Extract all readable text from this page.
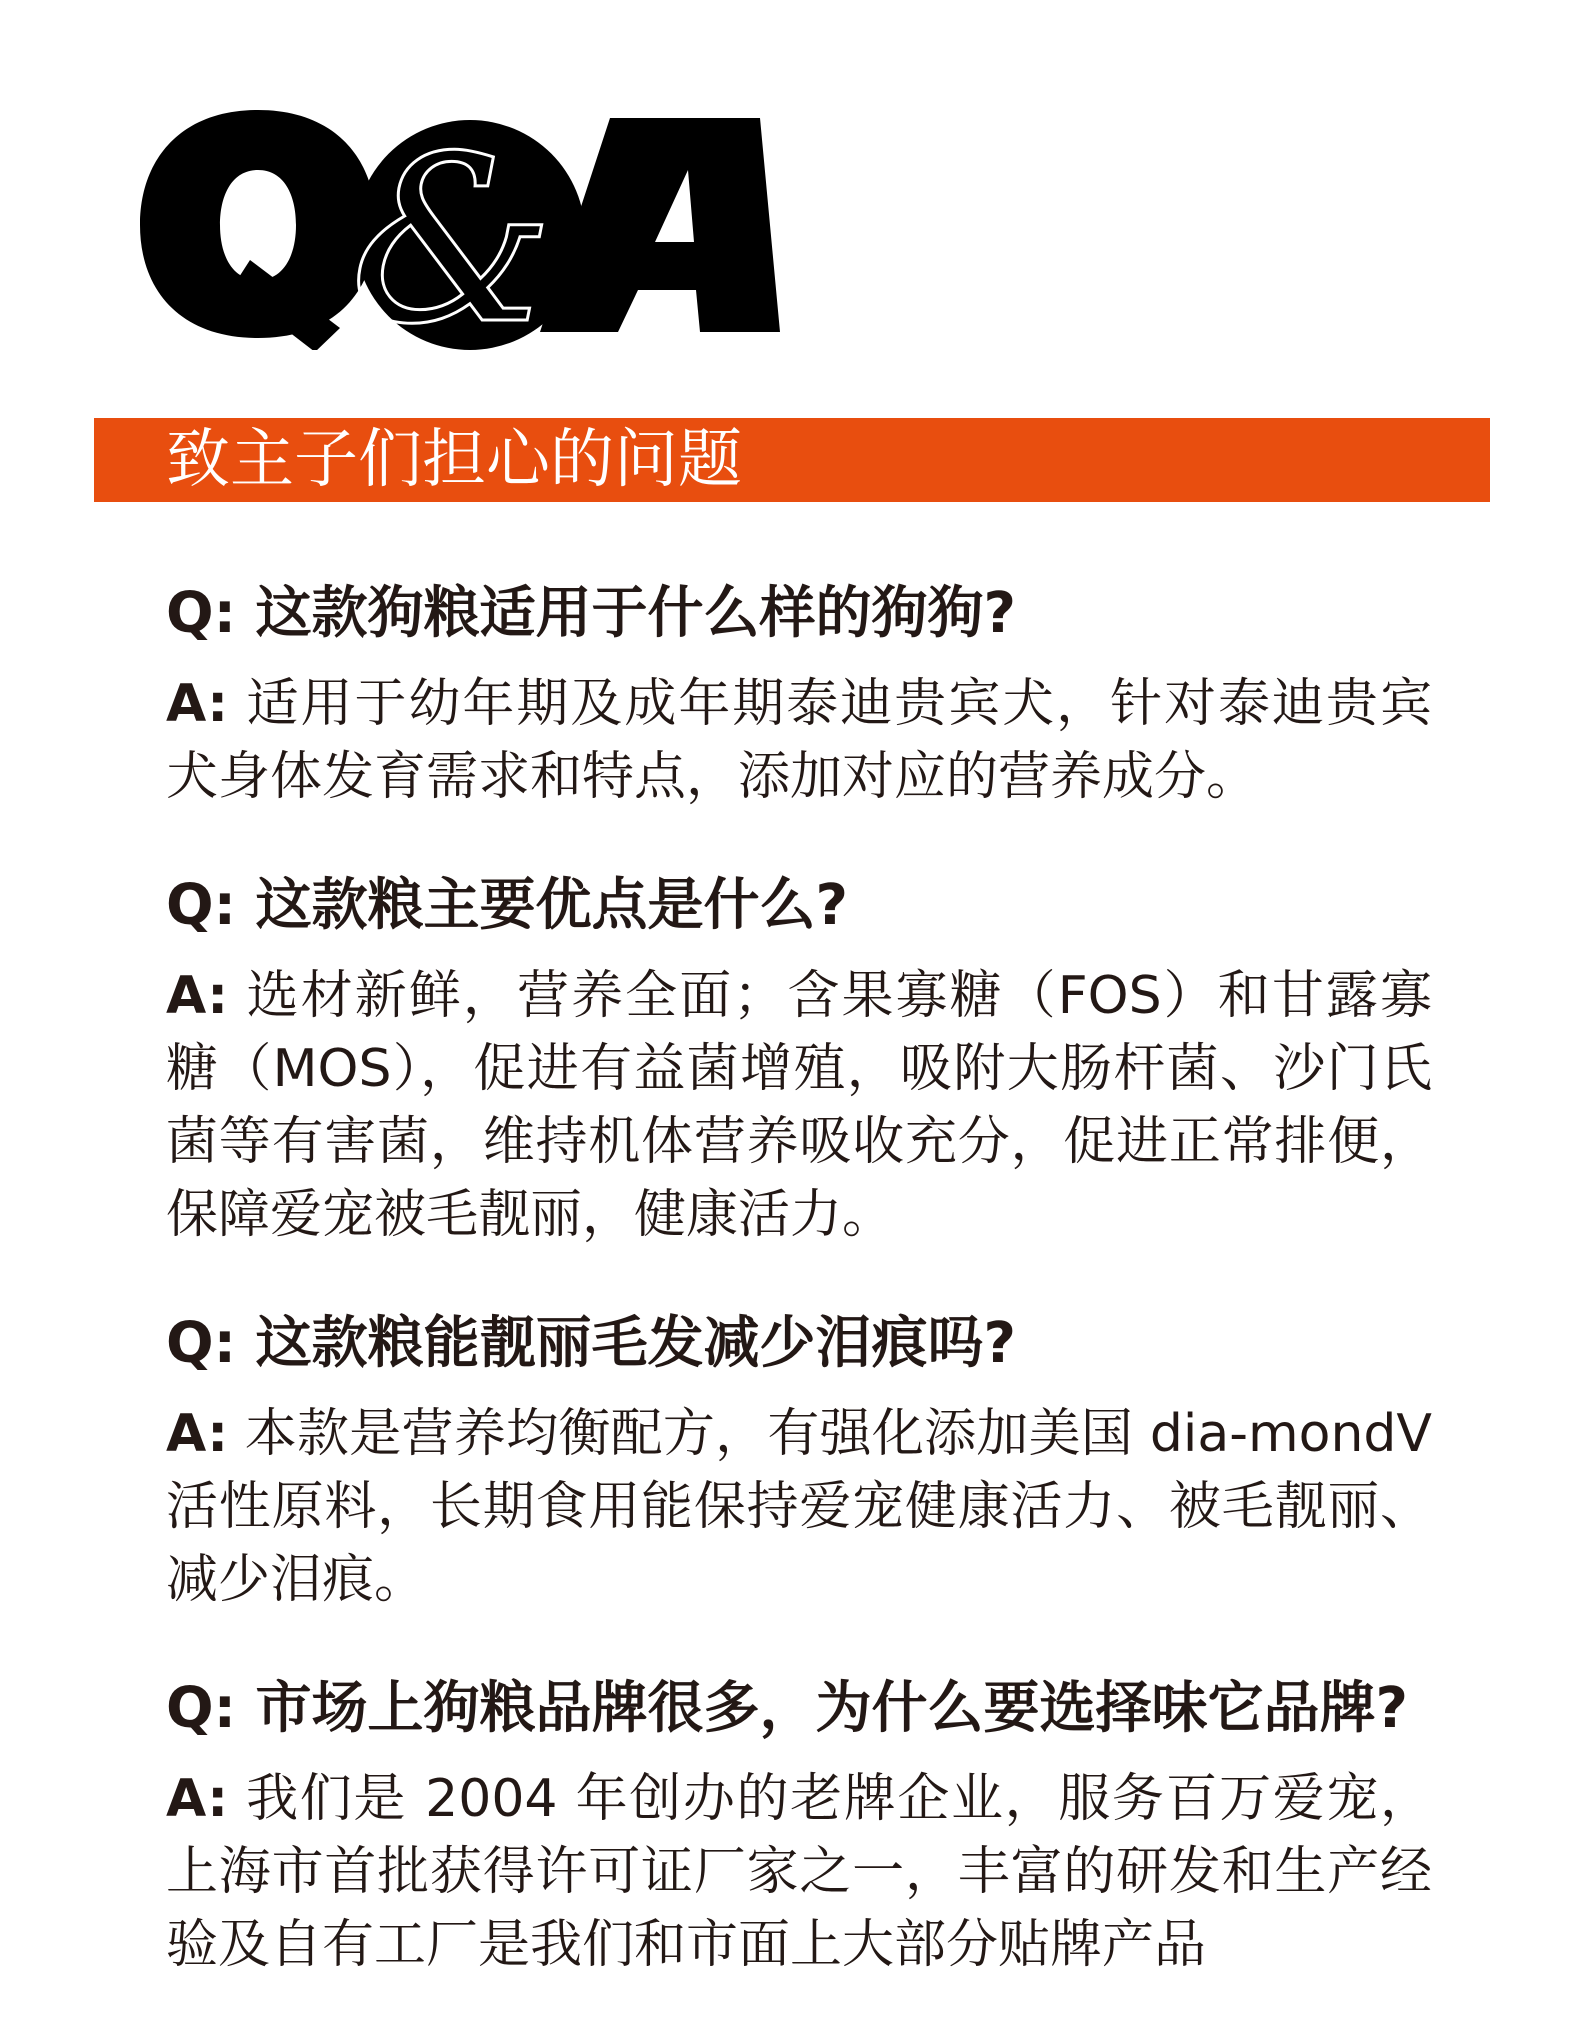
&
致主子们担心的问题
Q: 这款狗粮适用于什么样的狗狗?

A: 适用于幼年期及成年期泰迪贵宾犬，针对泰迪贵宾犬身体发育需求和特点，添加对应的营养成分。

Q: 这款粮主要优点是什么?

A: 选材新鲜，营养全面；含果寡糖（FOS）和甘露寡糖（MOS），促进有益菌增殖，吸附大肠杆菌、沙门氏菌等有害菌，维持机体营养吸收充分，促进正常排便，保障爱宠被毛靓丽，健康活力。

Q: 这款粮能靓丽毛发减少泪痕吗?

A: 本款是营养均衡配方，有强化添加美国 dia-mondV 活性原料，长期食用能保持爱宠健康活力、被毛靓丽、减少泪痕。

Q: 市场上狗粮品牌很多，为什么要选择味它品牌?

A: 我们是 2004 年创办的老牌企业，服务百万爱宠，上海市首批获得许可证厂家之一，丰富的研发和生产经验及自有工厂是我们和市面上大部分贴牌产品
